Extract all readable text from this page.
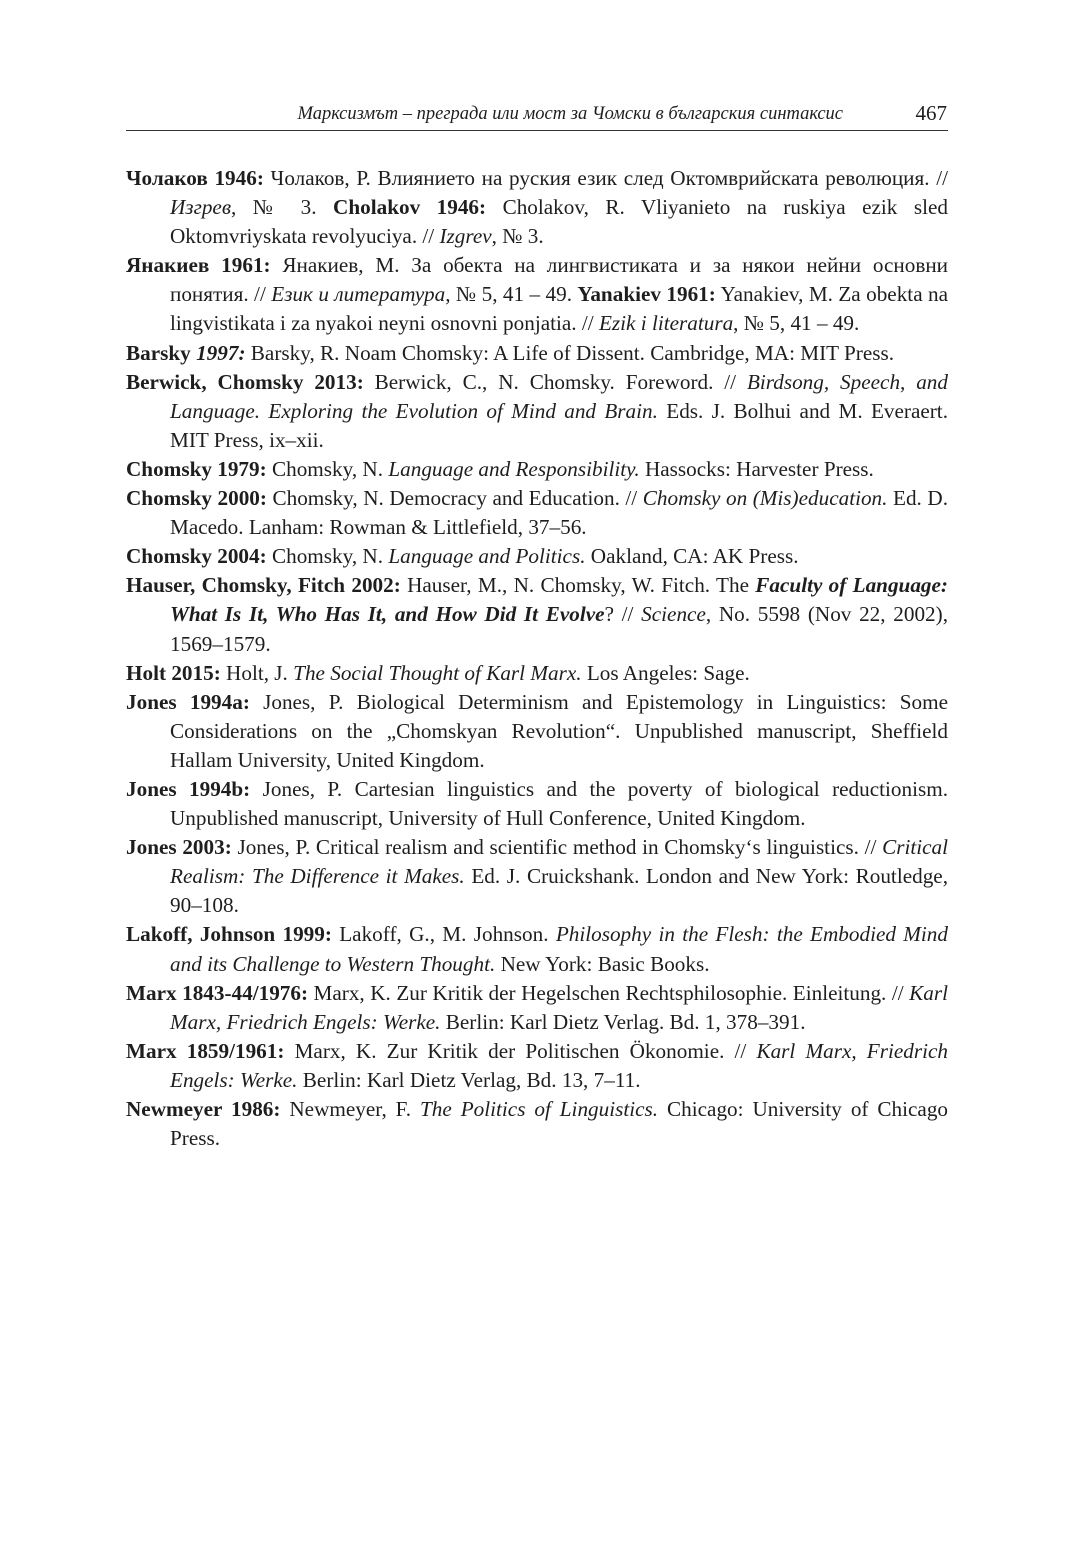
Марксизмът – преграда или мост за Чомски в българския синтаксис	467

Чолаков 1946: Чолаков, Р. Влиянието на руския език след Октомврийската революция. // Изгрев, № 3. Cholakov 1946: Cholakov, R. Vliyanieto na ruskiya ezik sled Oktomvriyskata revolyuciya. // Izgrev, № 3.

Янакиев 1961: Янакиев, М. За обекта на лингвистиката и за някои нейни основни понятия. // Език и литература, № 5, 41 – 49. Yanakiev 1961: Yanakiev, M. Za obekta na lingvistikata i za nyakoi neyni osnovni ponjatia. // Ezik i literatura, № 5, 41 – 49.

Barsky 1997: Barsky, R. Noam Chomsky: A Life of Dissent. Cambridge, MA: MIT Press.

Berwick, Chomsky 2013: Berwick, C., N. Chomsky. Foreword. // Birdsong, Speech, and Language. Exploring the Evolution of Mind and Brain. Eds. J. Bolhui and M. Everaert. MIT Press, ix–xii.

Chomsky 1979: Chomsky, N. Language and Responsibility. Hassocks: Harvester Press.

Chomsky 2000: Chomsky, N. Democracy and Education. // Chomsky on (Mis)education. Ed. D. Macedo. Lanham: Rowman & Littlefield, 37–56.

Chomsky 2004: Chomsky, N. Language and Politics. Oakland, CA: AK Press.

Hauser, Chomsky, Fitch 2002: Hauser, M., N. Chomsky, W. Fitch. The Faculty of Language: What Is It, Who Has It, and How Did It Evolve? // Science, No. 5598 (Nov 22, 2002), 1569–1579.

Holt 2015: Holt, J. The Social Thought of Karl Marx. Los Angeles: Sage.

Jones 1994a: Jones, P. Biological Determinism and Epistemology in Linguistics: Some Considerations on the „Chomskyan Revolution“. Unpublished manuscript, Sheffield Hallam University, United Kingdom.

Jones 1994b: Jones, P. Cartesian linguistics and the poverty of biological reductionism. Unpublished manuscript, University of Hull Conference, United Kingdom.

Jones 2003: Jones, P. Critical realism and scientific method in Chomsky‘s linguistics. // Critical Realism: The Difference it Makes. Ed. J. Cruickshank. London and New York: Routledge, 90–108.

Lakoff, Johnson 1999: Lakoff, G., M. Johnson. Philosophy in the Flesh: the Embodied Mind and its Challenge to Western Thought. New York: Basic Books.

Marx 1843-44/1976: Marx, K. Zur Kritik der Hegelschen Rechtsphilosophie. Einleitung. // Karl Marx, Friedrich Engels: Werke. Berlin: Karl Dietz Verlag. Bd. 1, 378–391.

Marx 1859/1961: Marx, K. Zur Kritik der Politischen Ökonomie. // Karl Marx, Friedrich Engels: Werke. Berlin: Karl Dietz Verlag, Bd. 13, 7–11.

Newmeyer 1986: Newmeyer, F. The Politics of Linguistics. Chicago: University of Chicago Press.
